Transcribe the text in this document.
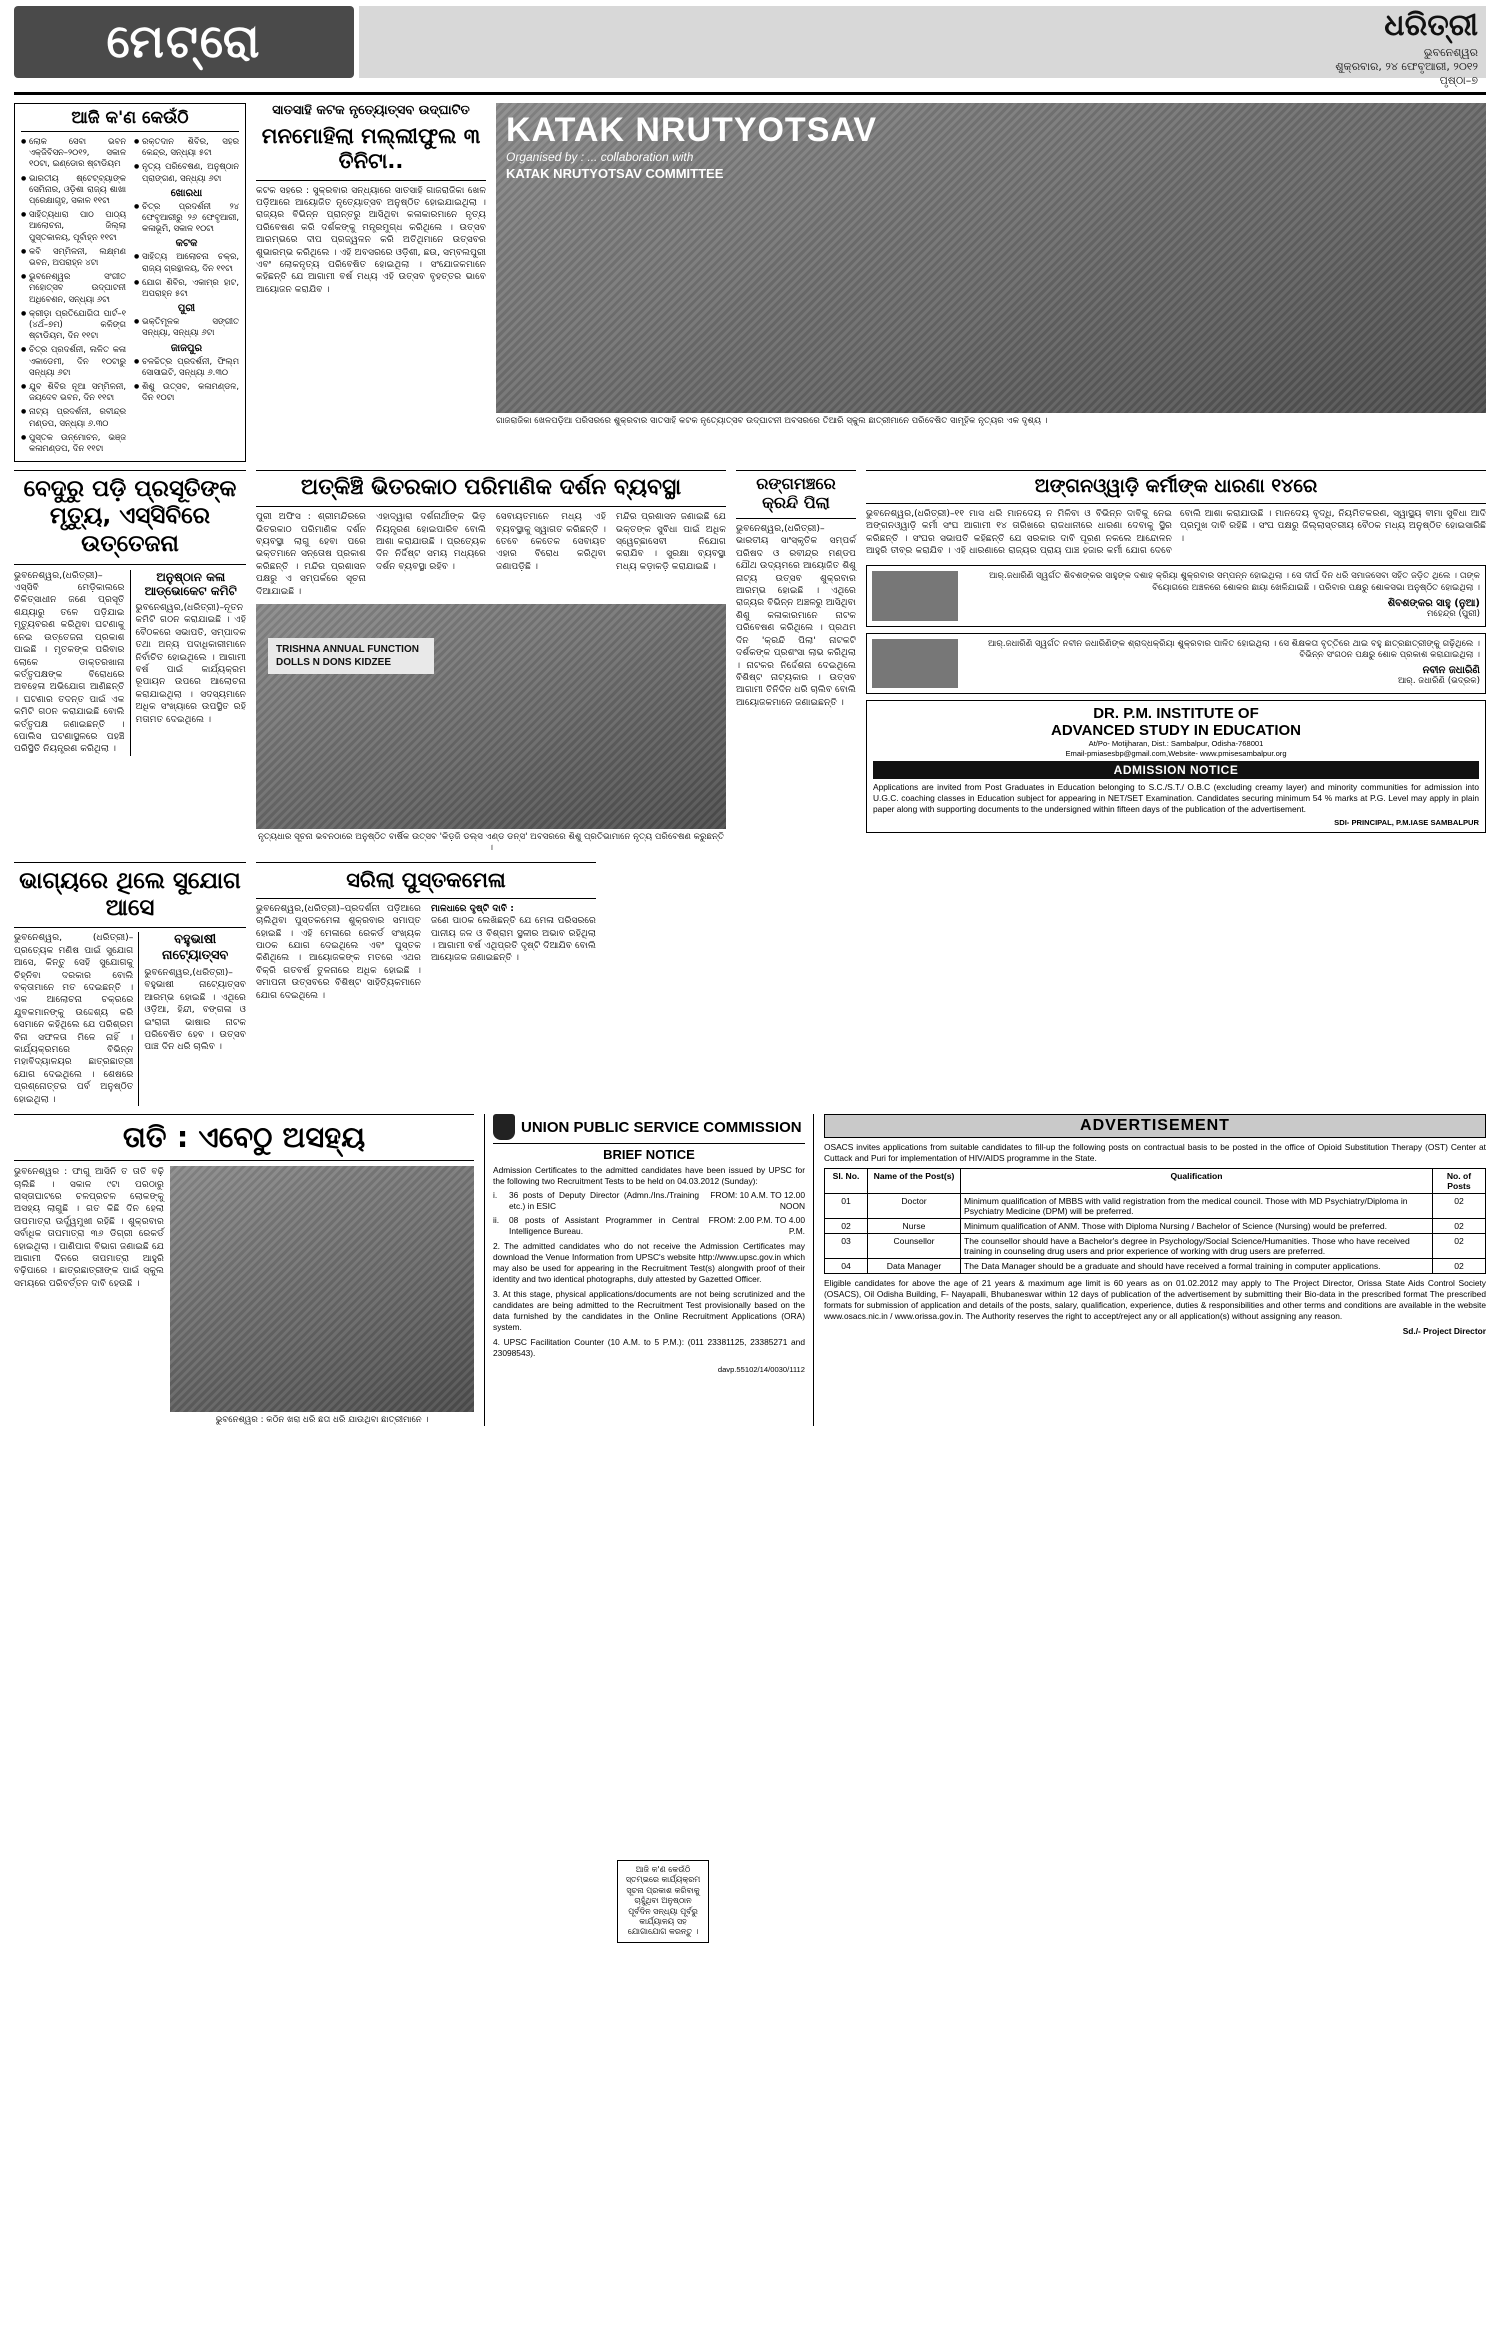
ମେଟ୍ରୋ	ଧରିତ୍ରୀ
ଭୁବନେଶ୍ୱର
ଶୁକ୍ରବାର, ୨୪ ଫେବୃଆରୀ, ୨୦୧୨
ପୃଷ୍ଠା–୭
ଆଜି କ'ଣ କେଉଁଠି
● ଲୋକ ସେବା ଭବନ ଏକ୍‌ଜିବିସନ–୨୦୧୨, ସକାଳ ୧୦ଟା, ଇଣ୍ଡୋର ଷ୍ଟାଡିୟମ
● ଭାରତୀୟ ଷ୍ଟେଟ୍‌ବ୍ୟାଙ୍କ ସେମିନାର, ଓଡ଼ିଶା ରାଜ୍ୟ ଶାଖା ପ୍ରେକ୍ଷାଗୃହ, ସକାଳ ୧୧ଟା
● ସାହିତ୍ୟଧାରା ପାଠ ପାଠ୍ୟ ଆଲୋଚନା, ଜିଲ୍ଲା ପୁସ୍ତକାଳୟ, ପୂର୍ବାହ୍ନ ୧୧ଟା
● କବି ସମ୍ମିଳନୀ, ଲକ୍ଷ୍ମଣ ଭବନ, ଅପରାହ୍ନ ୪ଟା
● ଭୁବନେଶ୍ୱର ସଂଗୀତ ମହୋତ୍ସବ ଉଦ୍‌ଘାଟନୀ ଅଧିବେଶନ, ସନ୍ଧ୍ୟା ୬ଟା
● କ୍ରୀଡ଼ା ପ୍ରତିଯୋଗିତା ପାର୍ଟ–୧ (୪ର୍ଥ–୭ମ) କଳିଙ୍ଗ ଷ୍ଟାଡିୟମ, ଦିନ ୧୧ଟା
● ଚିତ୍ର ପ୍ରଦର୍ଶନୀ, ଲଳିତ କଳା ଏକାଡେମୀ, ଦିନ ୧୦ଟାରୁ ସନ୍ଧ୍ୟା ୬ଟା
● ଯୁବ ଶିବିର ନୂଆ ସମ୍ମିଳନୀ, ଜୟଦେବ ଭବନ, ଦିନ ୧୧ଟା
● ନାଟ୍ୟ ପ୍ରଦର୍ଶନୀ, ରବୀନ୍ଦ୍ର ମଣ୍ଡପ, ସନ୍ଧ୍ୟା ୬.୩୦
● ପୁସ୍ତକ ଉନ୍ମୋଚନ, ଭଞ୍ଜ କଳାମଣ୍ଡପ, ଦିନ ୧୧ଟା
● ରକ୍ତଦାନ ଶିବିର, ସହର କେନ୍ଦ୍ର, ସନ୍ଧ୍ୟା ୫ଟା
● ନୃତ୍ୟ ପରିବେଷଣ, ଅନୁଷ୍ଠାନ ପ୍ରାଙ୍ଗଣ, ସନ୍ଧ୍ୟା ୬ଟା
ଖୋରଧା
● ଚିତ୍ର ପ୍ରଦର୍ଶନୀ ୨୪ ଫେବୃଆରୀରୁ ୨୬ ଫେବୃଆରୀ, କଳାଭୂମି, ସକାଳ ୧୦ଟା
କଟକ
● ସାହିତ୍ୟ ଆଲୋଚନା ଚକ୍ର, ରାଜ୍ୟ ଗ୍ରନ୍ଥାଳୟ, ଦିନ ୧୧ଟା
● ଯୋଗ ଶିବିର, ଏକାମ୍ର ହାଟ, ଅପରାହ୍ନ ୫ଟା
ପୁରୀ
● ଭକ୍ତିମୂଳକ ସଙ୍ଗୀତ ସନ୍ଧ୍ୟା, ସନ୍ଧ୍ୟା ୬ଟା
ଜାଜପୁର
● ଚଳଚ୍ଚିତ୍ର ପ୍ରଦର୍ଶନୀ, ଫିଲ୍ମ ସୋସାଇଟି, ସନ୍ଧ୍ୟା ୬.୩୦
● ଶିଶୁ ଉତ୍ସବ, କଳାମଣ୍ଡଳ, ଦିନ ୧୦ଟା
ସାତସାହି କଟକ ନୃତ୍ୟୋତ୍ସବ ଉଦ୍‌ଘାଟିତ
ମନମୋହିଲା ମଲ୍ଲୀଫୁଲ ୩ ତିନିଟା..
କଟକ ସହରେ : ସୁକ୍ରବାର ସନ୍ଧ୍ୟାରେ ସାତସାହି ଗାଜରାଜିକା ଖେଳ ପଡ଼ିଆରେ ଆୟୋଜିତ ନୃତ୍ୟୋତ୍ସବ ଅନୁଷ୍ଠିତ ହୋଇଯାଇଥିଲା । ରାଜ୍ୟର ବିଭିନ୍ନ ପ୍ରାନ୍ତରୁ ଆସିଥିବା କଳାକାରମାନେ ନୃତ୍ୟ ପରିବେଷଣ କରି ଦର୍ଶକଙ୍କୁ ମନ୍ତ୍ରମୁଗ୍ଧ କରିଥିଲେ । ଉତ୍ସବ ଆରମ୍ଭରେ ଦୀପ ପ୍ରଜ୍ୱଳନ କରି ଅତିଥିମାନେ ଉତ୍ସବର ଶୁଭାରମ୍ଭ କରିଥିଲେ । ଏହି ଅବସରରେ ଓଡ଼ିଶୀ, ଛଉ, ସମ୍ବଲପୁରୀ ଏବଂ ଲୋକନୃତ୍ୟ ପରିବେଷିତ ହୋଇଥିଲା । ସଂଯୋଜକମାନେ କହିଛନ୍ତି ଯେ ଆଗାମୀ ବର୍ଷ ମଧ୍ୟ ଏହି ଉତ୍ସବ ବୃହତ୍ତର ଭାବେ ଆୟୋଜନ କରାଯିବ ।
KATAK NRUTYOTSAV
Organised by : ... collaboration with
KATAK NRUTYOTSAV COMMITTEE
ଗାଜରାଜିକା ଖେଳପଡ଼ିଆ ପରିସରରେ ଶୁକ୍ରବାର ସାତସାହି କଟକ ନୃତ୍ୟୋତ୍ସବ ଉଦ୍‌ଘାଟନୀ ଅବସରରେ ତିଆରି ସ୍କୁଲ ଛାତ୍ରୀମାନେ ପରିବେଷିତ ସାମୂହିକ ନୃତ୍ୟର ଏକ ଦୃଶ୍ୟ ।
ବେଦୁରୁ ପଡ଼ି ପ୍ରସୂତିଙ୍କ ମୃତ୍ୟୁ, ଏସ୍‌ସିବିରେ ଉତ୍ତେଜନା
ଭୁବନେଶ୍ୱର,(ଧରିତ୍ରୀ)–ଏସ୍‌ସିବି ମେଡ଼ିକାଲରେ ଚିକିତ୍ସାଧୀନ ଜଣେ ପ୍ରସୂତି ଶଯ୍ୟାରୁ ତଳେ ପଡ଼ିଯାଇ ମୃତ୍ୟୁବରଣ କରିଥିବା ଘଟଣାକୁ ନେଇ ଉତ୍ତେଜନା ପ୍ରକାଶ ପାଇଛି । ମୃତକଙ୍କ ପରିବାର ଲୋକେ ଡାକ୍ତରଖାନା କର୍ତ୍ତୃପକ୍ଷଙ୍କ ବିରୋଧରେ ଅବହେଳା ଅଭିଯୋଗ ଆଣିଛନ୍ତି । ଘଟଣାର ତଦନ୍ତ ପାଇଁ ଏକ କମିଟି ଗଠନ କରାଯାଇଛି ବୋଲି କର୍ତ୍ତୃପକ୍ଷ ଜଣାଇଛନ୍ତି । ପୋଲିସ ଘଟଣାସ୍ଥଳରେ ପହଞ୍ଚି ପରିସ୍ଥିତି ନିୟନ୍ତ୍ରଣ କରିଥିଲା ।
ଅନୁଷ୍ଠାନ କଳା ଆଡ୍‌ଭୋକେଟ କମିଟି
ଭୁବନେଶ୍ୱର,(ଧରିତ୍ରୀ)–ନୂତନ କମିଟି ଗଠନ କରାଯାଇଛି । ଏହି ବୈଠକରେ ସଭାପତି, ସମ୍ପାଦକ ତଥା ଅନ୍ୟ ପଦାଧିକାରୀମାନେ ନିର୍ବାଚିତ ହୋଇଥିଲେ । ଆଗାମୀ ବର୍ଷ ପାଇଁ କାର୍ଯ୍ୟକ୍ରମ ରୂପାୟନ ଉପରେ ଆଲୋଚନା କରାଯାଇଥିଲା । ସଦସ୍ୟମାନେ ଅଧିକ ସଂଖ୍ୟାରେ ଉପସ୍ଥିତ ରହି ମତାମତ ଦେଇଥିଲେ ।
ଅତ୍‌କିଞ୍ଚି ଭିତରକାଠ ପରିମାଣିକ ଦର୍ଶନ ବ୍ୟବସ୍ଥା
ପୁରୀ ଅଫିସ : ଶ୍ରୀମନ୍ଦିରରେ ଭିତରକାଠ ପରିମାଣିକ ଦର୍ଶନ ବ୍ୟବସ୍ଥା ଲାଗୁ ହେବା ପରେ ଭକ୍ତମାନେ ସନ୍ତୋଷ ପ୍ରକାଶ କରିଛନ୍ତି । ମନ୍ଦିର ପ୍ରଶାସନ ପକ୍ଷରୁ ଏ ସମ୍ପର୍କରେ ସୂଚନା ଦିଆଯାଇଛି ।
ଏହାଦ୍ୱାରା ଦର୍ଶନାର୍ଥୀଙ୍କ ଭିଡ଼ ନିୟନ୍ତ୍ରଣ ହୋଇପାରିବ ବୋଲି ଆଶା କରାଯାଉଛି । ପ୍ରତ୍ୟେକ ଦିନ ନିର୍ଦ୍ଦିଷ୍ଟ ସମୟ ମଧ୍ୟରେ ଦର୍ଶନ ବ୍ୟବସ୍ଥା ରହିବ ।
ସେବାୟତମାନେ ମଧ୍ୟ ଏହି ବ୍ୟବସ୍ଥାକୁ ସ୍ୱାଗତ କରିଛନ୍ତି । ତେବେ କେତେକ ସେବାୟତ ଏହାର ବିରୋଧ କରିଥିବା ଜଣାପଡ଼ିଛି ।
ମନ୍ଦିର ପ୍ରଶାସନ ଜଣାଇଛି ଯେ ଭକ୍ତଙ୍କ ସୁବିଧା ପାଇଁ ଅଧିକ ସ୍ୱେଚ୍ଛାସେବୀ ନିଯୋଗ କରାଯିବ । ସୁରକ୍ଷା ବ୍ୟବସ୍ଥା ମଧ୍ୟ କଡ଼ାକଡ଼ି କରାଯାଇଛି ।
TRISHNA ANNUAL FUNCTION DOLLS N DONS KIDZEE
ନୃତ୍ୟଧାର ସୂଚନା ଭବନଠାରେ ଅନୁଷ୍ଠିତ ବାର୍ଷିକ ଉତ୍ସବ 'କିଡ଼ଜି ଡଲ୍‌ସ ଏଣ୍ଡ ଡନ୍‌ସ' ଅବସରରେ ଶିଶୁ ପ୍ରତିଭାମାନେ ନୃତ୍ୟ ପରିବେଷଣ କରୁଛନ୍ତି ।
ରଙ୍ଗମଞ୍ଚରେ କ୍ରନ୍ଦି ପିଲା
ଭୁବନେଶ୍ୱର,(ଧରିତ୍ରୀ)–ଭାରତୀୟ ସାଂସ୍କୃତିକ ସମ୍ପର୍କ ପରିଷଦ ଓ ରବୀନ୍ଦ୍ର ମଣ୍ଡପ ଯୌଥ ଉଦ୍ୟମରେ ଆୟୋଜିତ ଶିଶୁ ନାଟ୍ୟ ଉତ୍ସବ ଶୁକ୍ରବାର ଆରମ୍ଭ ହୋଇଛି । ଏଥିରେ ରାଜ୍ୟର ବିଭିନ୍ନ ଅଞ୍ଚଳରୁ ଆସିଥିବା ଶିଶୁ କଳାକାରମାନେ ନାଟକ ପରିବେଷଣ କରିଥିଲେ । ପ୍ରଥମ ଦିନ 'କ୍ରନ୍ଦି ପିଲା' ନାଟକଟି ଦର୍ଶକଙ୍କ ପ୍ରଶଂସା ଲାଭ କରିଥିଲା । ନାଟକର ନିର୍ଦ୍ଦେଶନା ଦେଇଥିଲେ ବିଶିଷ୍ଟ ନାଟ୍ୟକାର । ଉତ୍ସବ ଆଗାମୀ ତିନିଦିନ ଧରି ଚାଲିବ ବୋଲି ଆୟୋଜକମାନେ ଜଣାଇଛନ୍ତି ।
ଅଙ୍ଗନଓ୍ୱାଡ଼ି କର୍ମୀଙ୍କ ଧାରଣା ୧୪ରେ
ଭୁବନେଶ୍ୱର,(ଧରିତ୍ରୀ)–୧୧ ମାସ ଧରି ମାନଦେୟ ନ ମିଳିବା ଓ ବିଭିନ୍ନ ଦାବିକୁ ନେଇ ଅଙ୍ଗନଓ୍ୱାଡ଼ି କର୍ମୀ ସଂଘ ଆଗାମୀ ୧୪ ତାରିଖରେ ରାଜଧାନୀରେ ଧାରଣା ଦେବାକୁ ସ୍ଥିର କରିଛନ୍ତି । ସଂଘର ସଭାପତି କହିଛନ୍ତି ଯେ ସରକାର ଦାବି ପୂରଣ ନକଲେ ଆନ୍ଦୋଳନ ଆହୁରି ତୀବ୍ର କରାଯିବ । ଏହି ଧାରଣାରେ ରାଜ୍ୟର ପ୍ରାୟ ପାଞ୍ଚ ହଜାର କର୍ମୀ ଯୋଗ ଦେବେ ବୋଲି ଆଶା କରାଯାଉଛି । ମାନଦେୟ ବୃଦ୍ଧି, ନିୟମିତକରଣ, ସ୍ୱାସ୍ଥ୍ୟ ବୀମା ସୁବିଧା ଆଦି ପ୍ରମୁଖ ଦାବି ରହିଛି । ସଂଘ ପକ୍ଷରୁ ଜିଲ୍ଲାସ୍ତରୀୟ ବୈଠକ ମଧ୍ୟ ଅନୁଷ୍ଠିତ ହୋଇସାରିଛି ।
ଆର୍‌.ଜଧାରିଣି ସ୍ୱର୍ଗତ ଶିବଶଙ୍କର ସାହୁଙ୍କ ଦଶାହ କ୍ରିୟା ଶୁକ୍ରବାର ସମ୍ପନ୍ନ ହୋଇଥିଲା । ସେ ଦୀର୍ଘ ଦିନ ଧରି ସମାଜସେବା ସହିତ ଜଡ଼ିତ ଥିଲେ । ତାଙ୍କ ବିୟୋଗରେ ଅଞ୍ଚଳରେ ଶୋକର ଛାୟା ଖେଳିଯାଇଛି । ପରିବାର ପକ୍ଷରୁ ଶୋକସଭା ଅନୁଷ୍ଠିତ ହୋଇଥିଲା ।
ଶିବଶଙ୍କର ସାହୁ (ନୁଆ)
ମହେନ୍ଦ୍ର (ପୁରୀ)
ଆର୍‌.ଜଧାରିଣି ସ୍ୱର୍ଗତ ନବୀନ ଜଧାରିଣିଙ୍କ ଶ୍ରାଦ୍ଧକ୍ରିୟା ଶୁକ୍ରବାର ପାଳିତ ହୋଇଥିଲା । ସେ ଶିକ୍ଷକତା ବୃତ୍ତିରେ ଥାଇ ବହୁ ଛାତ୍ରଛାତ୍ରୀଙ୍କୁ ଗଢ଼ିଥିଲେ । ବିଭିନ୍ନ ସଂଗଠନ ପକ୍ଷରୁ ଶୋକ ପ୍ରକାଶ କରାଯାଇଥିଲା ।
ନବୀନ ଜଧାରିଣି
ଆର୍‌. ଜଧାରିଣି (ଭଦ୍ରକ)
DR. P.M. INSTITUTE OF
ADVANCED STUDY IN EDUCATION
At/Po- Motijharan, Dist.: Sambalpur, Odisha-768001
Email-pmiasesbp@gmail.com,Website- www.pmisesambalpur.org
ADMISSION NOTICE
Applications are invited from Post Graduates in Education belonging to S.C./S.T./ O.B.C (excluding creamy layer) and minority communities for admission into U.G.C. coaching classes in Education subject for appearing in NET/SET Examination. Candidates securing minimum 54 % marks at P.G. Level may apply in plain paper along with supporting documents to the undersigned within fifteen days of the publication of the advertisement.
SDI- PRINCIPAL, P.M.IASE SAMBALPUR
ଭାଗ୍ୟରେ ଥିଲେ ସୁଯୋଗ ଆସେ
ଭୁବନେଶ୍ୱର, (ଧରିତ୍ରୀ)–ପ୍ରତ୍ୟେକ ମଣିଷ ପାଇଁ ସୁଯୋଗ ଆସେ, କିନ୍ତୁ ସେହି ସୁଯୋଗକୁ ଚିହ୍ନିବା ଦରକାର ବୋଲି ବକ୍ତାମାନେ ମତ ଦେଇଛନ୍ତି । ଏକ ଆଲୋଚନା ଚକ୍ରରେ ଯୁବକମାନଙ୍କୁ ଉଦ୍ଦେଶ୍ୟ କରି ସେମାନେ କହିଥିଲେ ଯେ ପରିଶ୍ରମ ବିନା ସଫଳତା ମିଳେ ନାହିଁ । କାର୍ଯ୍ୟକ୍ରମରେ ବିଭିନ୍ନ ମହାବିଦ୍ୟାଳୟର ଛାତ୍ରଛାତ୍ରୀ ଯୋଗ ଦେଇଥିଲେ । ଶେଷରେ ପ୍ରଶ୍ନୋତ୍ତର ପର୍ବ ଅନୁଷ୍ଠିତ ହୋଇଥିଲା ।
ବହୁଭାଷୀ ନାଟ୍ୟୋତ୍ସବ
ଭୁବନେଶ୍ୱର,(ଧରିତ୍ରୀ)–ବହୁଭାଷୀ ନାଟ୍ୟୋତ୍ସବ ଆରମ୍ଭ ହୋଇଛି । ଏଥିରେ ଓଡ଼ିଆ, ହିନ୍ଦୀ, ବଙ୍ଗଳା ଓ ଇଂରାଜୀ ଭାଷାର ନାଟକ ପରିବେଷିତ ହେବ । ଉତ୍ସବ ପାଞ୍ଚ ଦିନ ଧରି ଚାଲିବ ।
ସରିଲା ପୁସ୍ତକମେଳା
ଭୁବନେଶ୍ୱର,(ଧରିତ୍ରୀ)–ପ୍ରଦର୍ଶନୀ ପଡ଼ିଆରେ ଚାଲିଥିବା ପୁସ୍ତକମେଳା ଶୁକ୍ରବାର ସମାପ୍ତ ହୋଇଛି । ଏହି ମେଳାରେ ରେକର୍ଡ ସଂଖ୍ୟକ ପାଠକ ଯୋଗ ଦେଇଥିଲେ ଏବଂ ପୁସ୍ତକ କିଣିଥିଲେ । ଆୟୋଜକଙ୍କ ମତରେ ଏଥର ବିକ୍ରି ଗତବର୍ଷ ତୁଳନାରେ ଅଧିକ ହୋଇଛି । ସମାପନୀ ଉତ୍ସବରେ ବିଶିଷ୍ଟ ସାହିତ୍ୟିକମାନେ ଯୋଗ ଦେଇଥିଲେ ।
ମାଳଧାରେ ଦୃଷ୍ଟି ଦାବି :
ଜଣେ ପାଠକ ଲେଖିଛନ୍ତି ଯେ ମେଳା ପରିସରରେ ପାନୀୟ ଜଳ ଓ ବିଶ୍ରାମ ସ୍ଥଳୀର ଅଭାବ ରହିଥିଲା । ଆଗାମୀ ବର୍ଷ ଏଥିପ୍ରତି ଦୃଷ୍ଟି ଦିଆଯିବ ବୋଲି ଆୟୋଜକ ଜଣାଇଛନ୍ତି ।
ତାତି : ଏବେଠୁ ଅସହ୍ୟ
ଭୁବନେଶ୍ୱର : ଫାଗୁ ଆସିନି ତ ତାତି ବଢ଼ି ଚାଲିଛି । ସକାଳ ୯ଟା ପରଠାରୁ ରାସ୍ତାଘାଟରେ ଚଳପ୍ରଚଳ ଲୋକଙ୍କୁ ଅସହ୍ୟ ଲାଗୁଛି । ଗତ କିଛି ଦିନ ହେଲା ତାପମାତ୍ରା ଊର୍ଦ୍ଧ୍ୱମୁଖୀ ରହିଛି । ଶୁକ୍ରବାର ସର୍ବାଧିକ ତାପମାତ୍ରା ୩୬ ଡିଗ୍ରୀ ରେକର୍ଡ ହୋଇଥିଲା । ପାଣିପାଗ ବିଭାଗ ଜଣାଇଛି ଯେ ଆଗାମୀ ଦିନରେ ତାପମାତ୍ରା ଆହୁରି ବଢ଼ିପାରେ । ଛାତ୍ରଛାତ୍ରୀଙ୍କ ପାଇଁ ସ୍କୁଲ ସମୟରେ ପରିବର୍ତ୍ତନ ଦାବି ହେଉଛି ।
ଭୁବନେଶ୍ୱର : କଠିନ ଖରା ଧରି ଛତା ଧରି ଯାଉଥିବା ଛାତ୍ରୀମାନେ ।
UNION PUBLIC SERVICE COMMISSION
BRIEF NOTICE
Admission Certificates to the admitted candidates have been issued by UPSC for the following two Recruitment Tests to be held on 04.03.2012 (Sunday):
i.	36 posts of Deputy Director (Admn./Ins./Training etc.) in ESIC
FROM: 10 A.M. TO 12.00 NOON
ii.	08 posts of Assistant Programmer in Central Intelligence Bureau.
FROM: 2.00 P.M. TO 4.00 P.M.
2. The admitted candidates who do not receive the Admission Certificates may download the Venue Information from UPSC's website http://www.upsc.gov.in which may also be used for appearing in the Recruitment Test(s) alongwith proof of their identity and two identical photographs, duly attested by Gazetted Officer.
3. At this stage, physical applications/documents are not being scrutinized and the candidates are being admitted to the Recruitment Test provisionally based on the data furnished by the candidates in the Online Recruitment Applications (ORA) system.
4. UPSC Facilitation Counter (10 A.M. to 5 P.M.): (011 23381125, 23385271 and 23098543).
davp.55102/14/0030/1112
ADVERTISEMENT
OSACS invites applications from suitable candidates to fill-up the following posts on contractual basis to be posted in the office of Opioid Substitution Therapy (OST) Center at Cuttack and Puri for implementation of HIV/AIDS programme in the State.
Sl. No.	Name of the Post(s)	Qualification	No. of Posts
01	Doctor	Minimum qualification of MBBS with valid registration from the medical council. Those with MD Psychiatry/Diploma in Psychiatry Medicine (DPM) will be preferred.	02
02	Nurse	Minimum qualification of ANM. Those with Diploma Nursing / Bachelor of Science (Nursing) would be preferred.	02
03	Counsellor	The counsellor should have a Bachelor's degree in Psychology/Social Science/Humanities. Those who have received training in counseling drug users and prior experience of working with drug users are preferred.	02
04	Data Manager	The Data Manager should be a graduate and should have received a formal training in computer applications.	02
Eligible candidates for above the age of 21 years & maximum age limit is 60 years as on 01.02.2012 may apply to The Project Director, Orissa State Aids Control Society (OSACS), Oil Odisha Building, F- Nayapalli, Bhubaneswar within 12 days of publication of the advertisement by submitting their Bio-data in the prescribed format The prescribed formats for submission of application and details of the posts, salary, qualification, experience, duties & responsibilities and other terms and conditions are available in the website www.osacs.nic.in / www.orissa.gov.in. The Authority reserves the right to accept/reject any or all application(s) without assigning any reason.
Sd./- Project Director
ଆଜି କ'ଣ କେଉଁଠି ସ୍ତମ୍ଭରେ କାର୍ଯ୍ୟକ୍ରମ ସୂଚନା ପ୍ରକାଶ କରିବାକୁ ଚାହୁଁଥିବା ଅନୁଷ୍ଠାନ ପୂର୍ବଦିନ ସନ୍ଧ୍ୟା ପୂର୍ବରୁ କାର୍ଯ୍ୟାଳୟ ସହ ଯୋଗାଯୋଗ କରନ୍ତୁ ।
